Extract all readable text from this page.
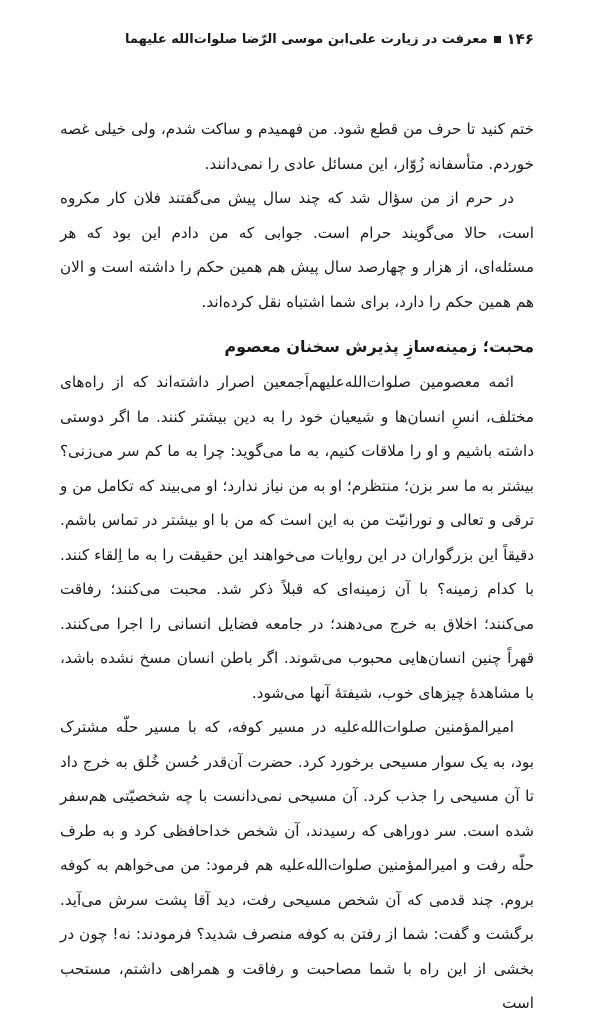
۱۴۶
معرفت در زیارت علی‌ابن موسی الرّضا صلوات‌الله علیهما

ختم کنید تا حرف من قطع شود. من فهمیدم و ساکت شدم، ولی خیلی غصه خوردم. متأسفانه زُوّار، این مسائل عادی را نمی‌دانند.

در حرم از من سؤال شد که چند سال پیش می‌گفتند فلان کار مکروه است، حالا می‌گویند حرام است. جوابی که من دادم این بود که هر مسئله‌ای، از هزار و چهارصد سال پیش هم همین حکم را داشته است و الان هم همین حکم را دارد، برای شما اشتباه نقل کرده‌اند.

محبت؛ زمینه‌سازِ پذیرش سخنان معصوم

ائمه معصومین صلوات‌الله‌علیهم‌اَجمعین اصرار داشته‌اند که از راه‌های مختلف، انسِ انسان‌ها و شیعیان خود را به دین بیشتر کنند. ما اگر دوستی داشته باشیم و او را ملاقات کنیم، به ما می‌گوید: چرا به ما کم سر می‌زنی؟ بیشتر به ما سر بزن؛ منتظرم؛ او به من نیاز ندارد؛ او می‌بیند که تکامل من و ترقی و تعالی و نورانیّت من به این است که من با او بیشتر در تماس باشم. دقیقاً این بزرگواران در این روایات می‌خواهند این حقیقت را به ما اِلقاء کنند. با کدام زمینه؟ با آن زمینه‌ای که قبلاً ذکر شد. محبت می‌کنند؛ رفاقت می‌کنند؛ اخلاق به خرج می‌دهند؛ در جامعه فضایل انسانی را اجرا می‌کنند. قهراً چنین انسان‌هایی محبوب می‌شوند. اگر باطن انسان مسخ نشده باشد، با مشاهدهٔ چیزهای خوب، شیفتهٔ آنها می‌شود.

امیرالمؤمنین صلوات‌الله‌علیه در مسیر کوفه، که با مسیر حلّه مشترک بود، به یک سوار مسیحی برخورد کرد. حضرت آن‌قدر حُسن خُلق به خرج داد تا آن مسیحی را جذب کرد. آن مسیحی نمی‌دانست با چه شخصیّتی هم‌سفر شده است. سر دوراهی که رسیدند، آن شخص خداحافظی کرد و به طرف حلّه رفت و امیرالمؤمنین صلوات‌الله‌علیه هم فرمود: من می‌خواهم به کوفه بروم. چند قدمی که آن شخص مسیحی رفت، دید آقا پشت سرش می‌آید. برگشت و گفت: شما از رفتن به کوفه منصرف شدید؟ فرمودند: نه! چون در بخشی از این راه با شما مصاحبت و رفاقت و همراهی داشتم، مستحب است
